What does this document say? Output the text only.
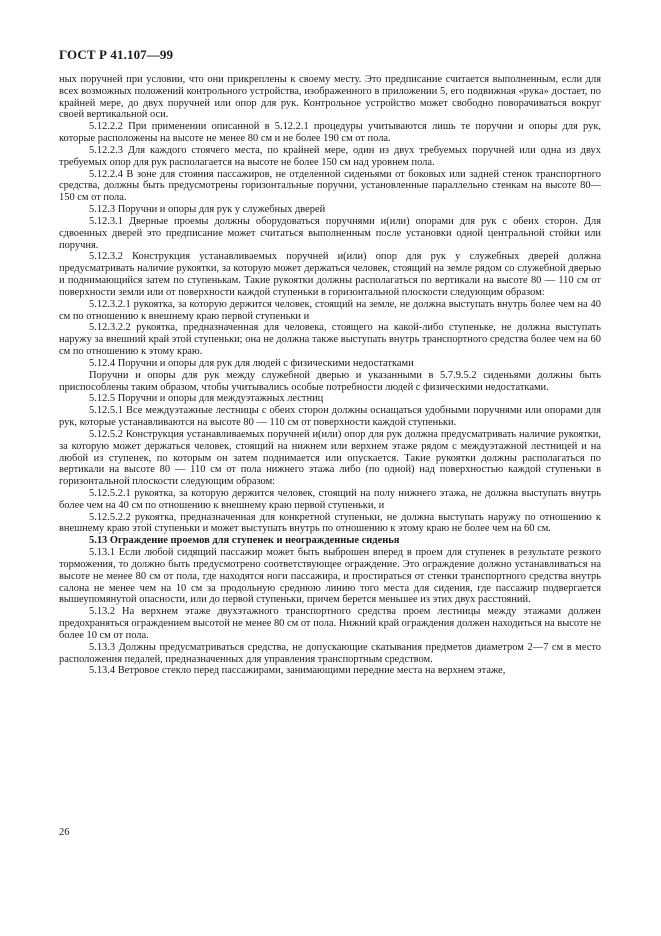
ГОСТ Р 41.107—99

ных поручней при условии, что они прикреплены к своему месту. Это предписание считается выполненным, если для всех возможных положений контрольного устройства, изображенного в приложении 5, его подвижная «рука» достает, по крайней мере, до двух поручней или опор для рук. Контрольное устройство может свободно поворачиваться вокруг своей вертикальной оси.

5.12.2.2 При применении описанной в 5.12.2.1 процедуры учитываются лишь те поручни и опоры для рук, которые расположены на высоте не менее 80 см и не более 190 см от пола.

5.12.2.3 Для каждого стоячего места, по крайней мере, один из двух требуемых поручней или одна из двух требуемых опор для рук располагается на высоте не более 150 см над уровнем пола.

5.12.2.4 В зоне для стояния пассажиров, не отделенной сиденьями от боковых или задней стенок транспортного средства, должны быть предусмотрены горизонтальные поручни, установленные параллельно стенкам на высоте 80—150 см от пола.

5.12.3 Поручни и опоры для рук у служебных дверей

5.12.3.1 Дверные проемы должны оборудоваться поручнями и(или) опорами для рук с обеих сторон. Для сдвоенных дверей это предписание может считаться выполненным после установки одной центральной стойки или поручня.

5.12.3.2 Конструкция устанавливаемых поручней и(или) опор для рук у служебных дверей должна предусматривать наличие рукоятки, за которую может держаться человек, стоящий на земле рядом со служебной дверью и поднимающийся затем по ступенькам. Такие рукоятки должны располагаться по вертикали на высоте 80 — 110 см от поверхности земли или от поверхности каждой ступеньки в горизонтальной плоскости следующим образом:

5.12.3.2.1 рукоятка, за которую держится человек, стоящий на земле, не должна выступать внутрь более чем на 40 см по отношению к внешнему краю первой ступеньки и

5.12.3.2.2 рукоятка, предназначенная для человека, стоящего на какой-либо ступеньке, не должна выступать наружу за внешний край этой ступеньки; она не должна также выступать внутрь транспортного средства более чем на 60 см по отношению к этому краю.

5.12.4 Поручни и опоры для рук для людей с физическими недостатками

Поручни и опоры для рук между служебной дверью и указанными в 5.7.9.5.2 сиденьями должны быть приспособлены таким образом, чтобы учитывались особые потребности людей с физическими недостатками.

5.12.5 Поручни и опоры для междуэтажных лестниц

5.12.5.1 Все междуэтажные лестницы с обеих сторон должны оснащаться удобными поручнями или опорами для рук, которые устанавливаются на высоте 80 — 110 см от поверхности каждой ступеньки.

5.12.5.2 Конструкция устанавливаемых поручней и(или) опор для рук должна предусматривать наличие рукоятки, за которую может держаться человек, стоящий на нижнем или верхнем этаже рядом с междуэтажной лестницей и на любой из ступенек, по которым он затем поднимается или опускается. Такие рукоятки должны располагаться по вертикали на высоте 80 — 110 см от пола нижнего этажа либо (по одной) над поверхностью каждой ступеньки в горизонтальной плоскости следующим образом:

5.12.5.2.1 рукоятка, за которую держится человек, стоящий на полу нижнего этажа, не должна выступать внутрь более чем на 40 см по отношению к внешнему краю первой ступеньки, и

5.12.5.2.2 рукоятка, предназначенная для конкретной ступеньки, не должна выступать наружу по отношению к внешнему краю этой ступеньки и может выступать внутрь по отношению к этому краю не более чем на 60 см.

5.13 Ограждение проемов для ступенек и неогражденные сиденья

5.13.1 Если любой сидящий пассажир может быть выброшен вперед в проем для ступенек в результате резкого торможения, то должно быть предусмотрено соответствующее ограждение. Это ограждение должно устанавливаться на высоте не менее 80 см от пола, где находятся ноги пассажира, и простираться от стенки транспортного средства внутрь салона не менее чем на 10 см за продольную среднюю линию того места для сидения, где пассажир подвергается вышеупомянутой опасности, или до первой ступеньки, причем берется меньшее из этих двух расстояний.

5.13.2 На верхнем этаже двухэтажного транспортного средства проем лестницы между этажами должен предохраняться ограждением высотой не менее 80 см от пола. Нижний край ограждения должен находиться на высоте не более 10 см от пола.

5.13.3 Должны предусматриваться средства, не допускающие скатывания предметов диаметром 2—7 см в место расположения педалей, предназначенных для управления транспортным средством.

5.13.4 Ветровое стекло перед пассажирами, занимающими передние места на верхнем этаже,

26
